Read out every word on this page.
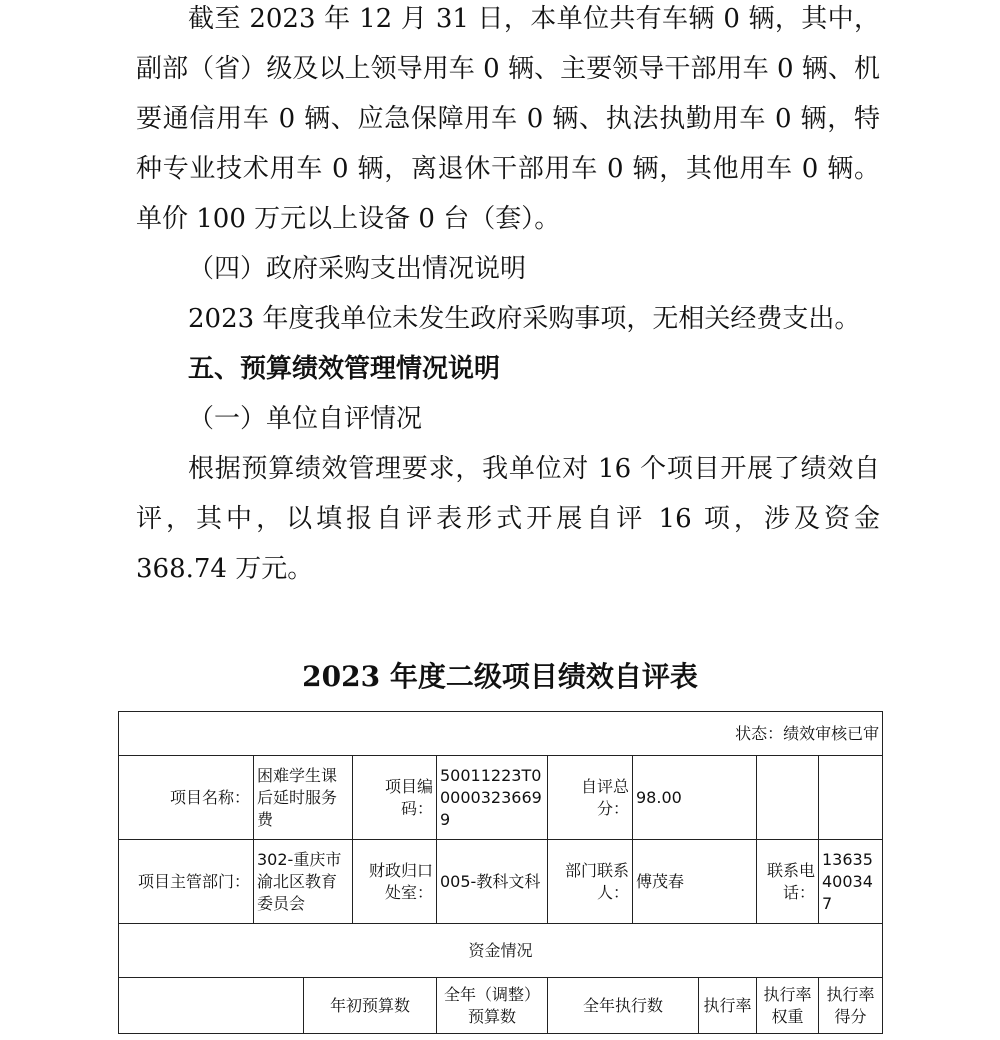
截至 2023 年 12 月 31 日，本单位共有车辆 0 辆，其中，副部（省）级及以上领导用车 0 辆、主要领导干部用车 0 辆、机要通信用车 0 辆、应急保障用车 0 辆、执法执勤用车 0 辆，特种专业技术用车 0 辆，离退休干部用车 0 辆，其他用车 0 辆。单价 100 万元以上设备 0 台（套）。

（四）政府采购支出情况说明

2023 年度我单位未发生政府采购事项，无相关经费支出。

五、预算绩效管理情况说明

（一）单位自评情况

根据预算绩效管理要求，我单位对 16 个项目开展了绩效自评，其中，以填报自评表形式开展自评 16 项，涉及资金 368.74 万元。

2023 年度二级项目绩效自评表

状态：绩效审核已审									
项目名称：	困难学生课后延时服务费		项目编码：	50011223T000003236699	自评总分：	98.00			
项目主管部门：	302-重庆市渝北区教育委员会		财政归口处室：	005-教科文科	部门联系人：	傅茂春		联系电话：	13635400347
资金情况									
		年初预算数		全年（调整）预算数	全年执行数		执行率	执行率权重	执行率得分
